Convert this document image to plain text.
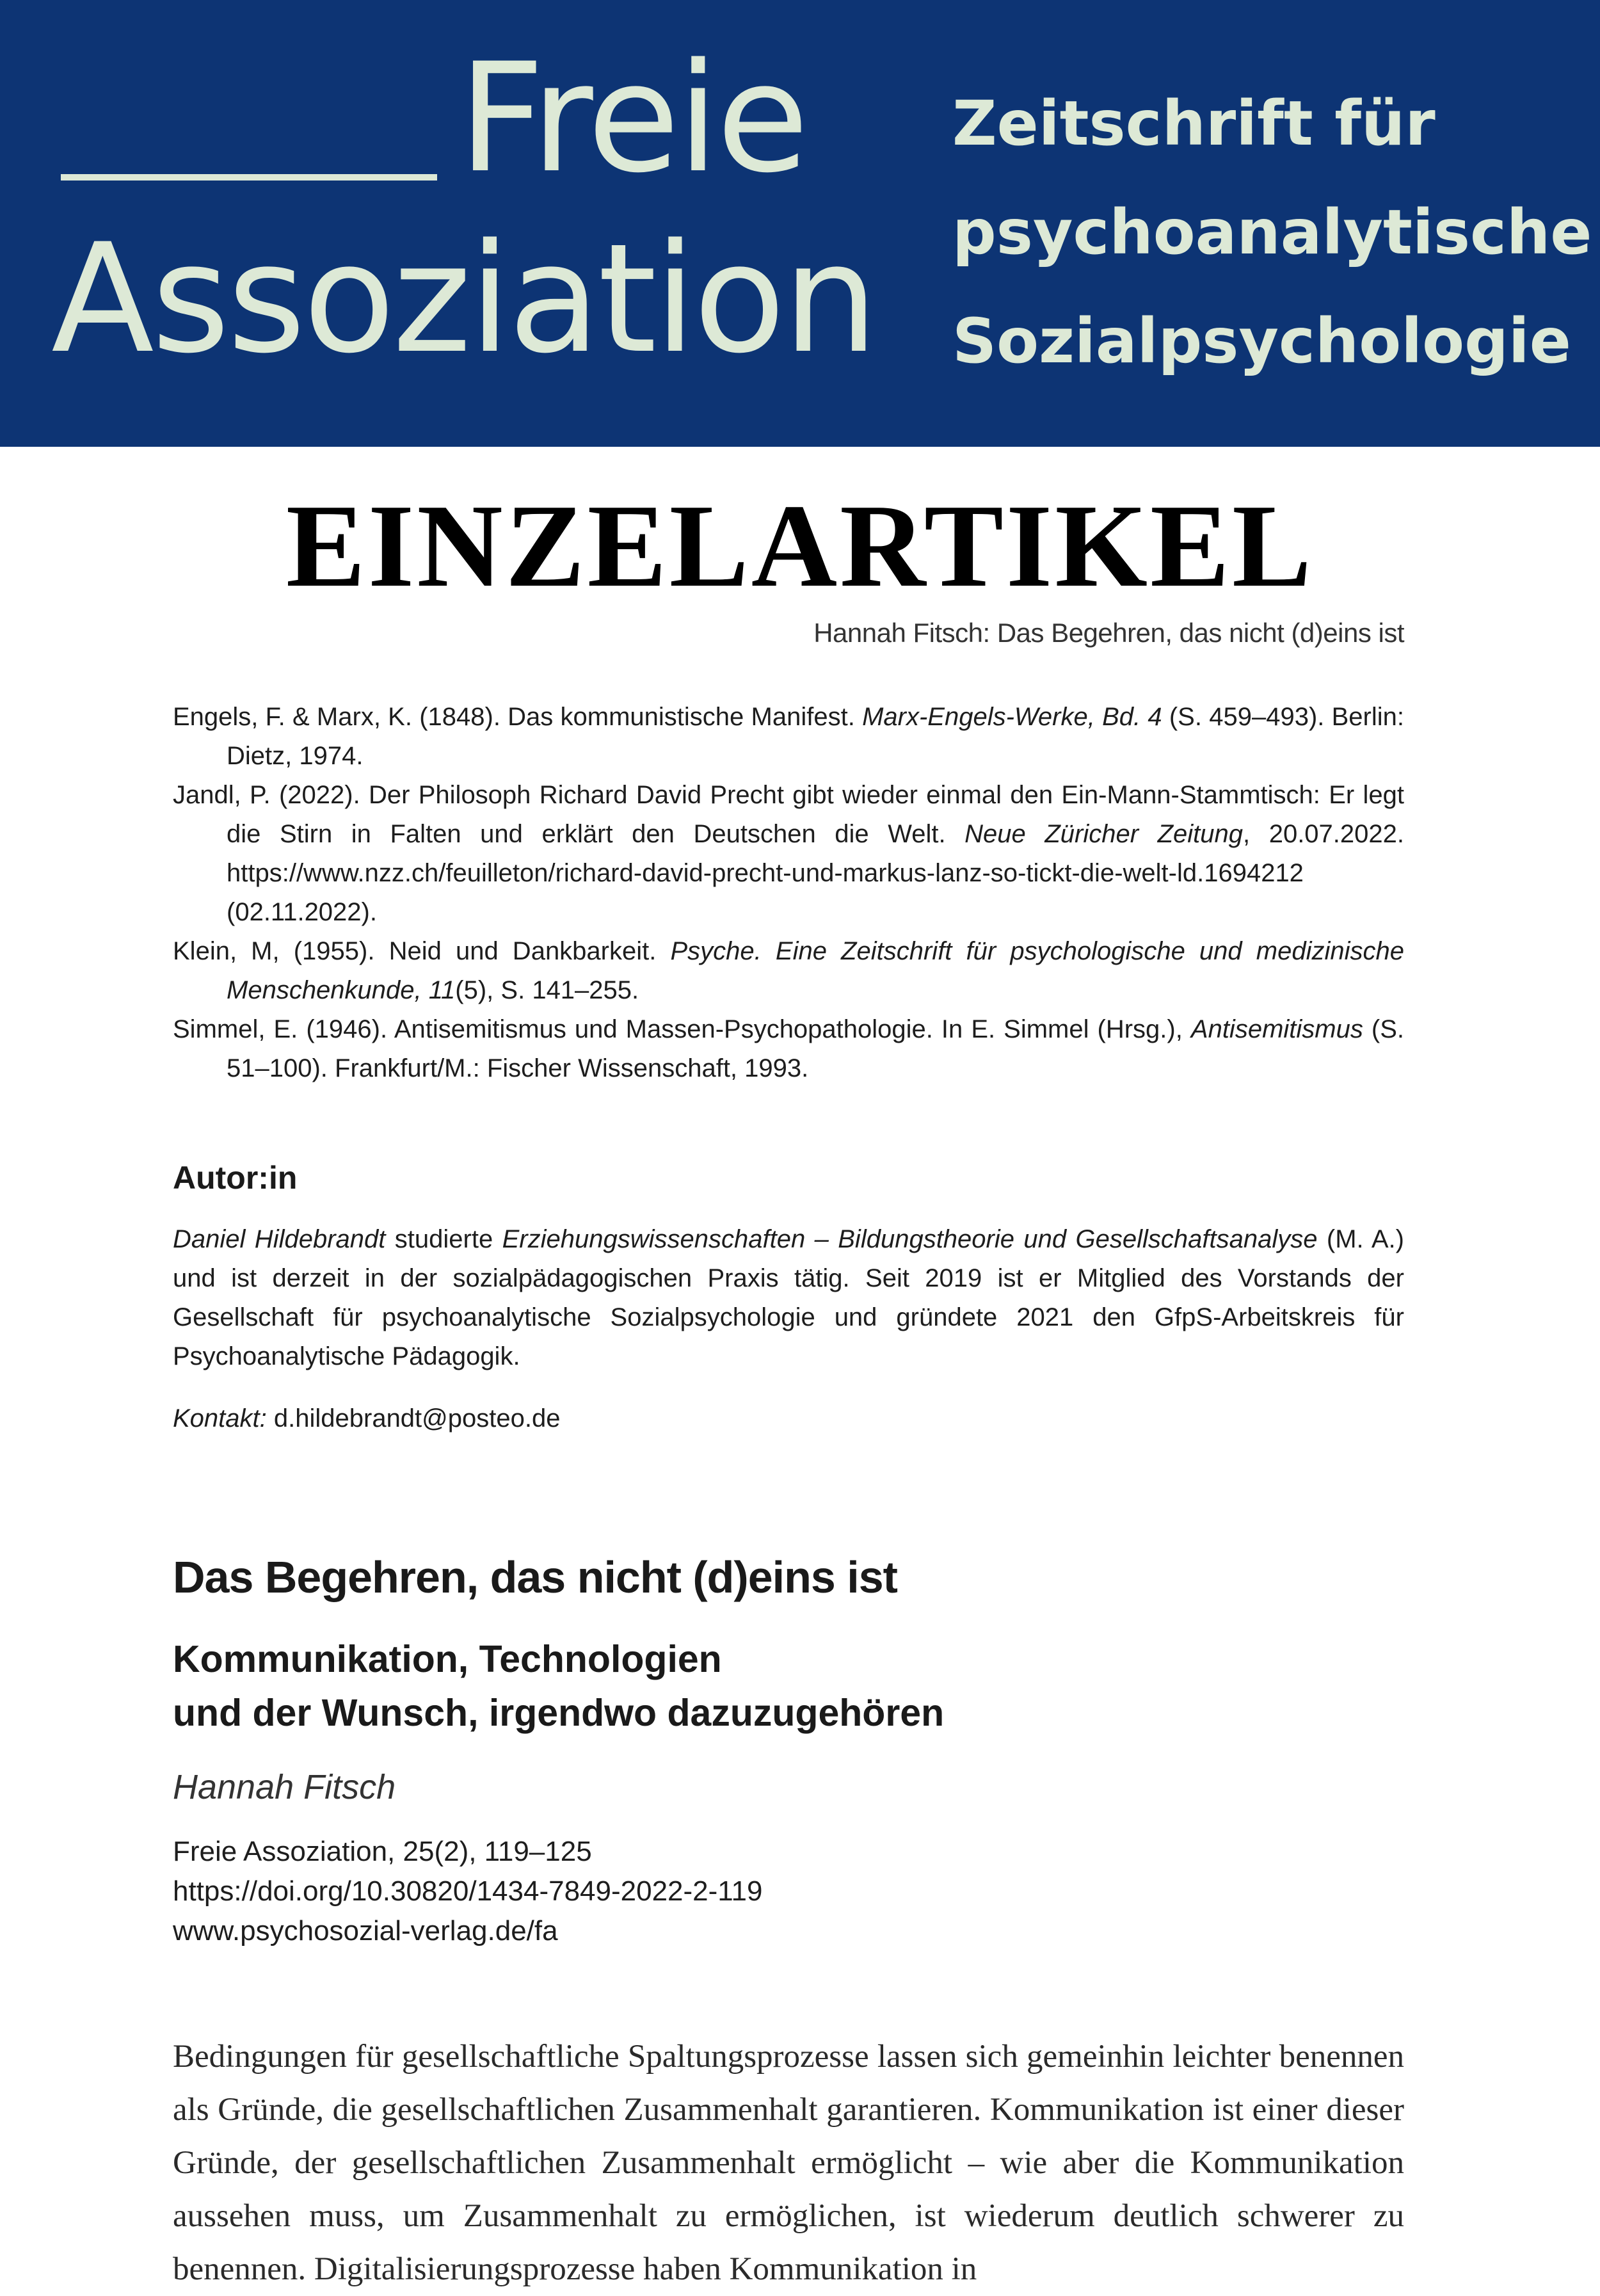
Freie

Assoziation

Zeitschrift für
psychoanalytische
Sozialpsychologie

EINZELARTIKEL

Hannah Fitsch: Das Begehren, das nicht (d)eins ist

Engels, F. & Marx, K. (1848). Das kommunistische Manifest. Marx-Engels-Werke, Bd. 4 (S. 459–493). Berlin: Dietz, 1974.
Jandl, P. (2022). Der Philosoph Richard David Precht gibt wieder einmal den Ein-Mann-Stammtisch: Er legt die Stirn in Falten und erklärt den Deutschen die Welt. Neue Züricher Zeitung, 20.07.2022. https://www.nzz.ch/feuilleton/richard-david-precht-und-markus-lanz-so-tickt-die-welt-ld.1694212 (02.11.2022).
Klein, M, (1955). Neid und Dankbarkeit. Psyche. Eine Zeitschrift für psychologische und medizinische Menschenkunde, 11(5), S. 141–255.
Simmel, E. (1946). Antisemitismus und Massen-Psychopathologie. In E. Simmel (Hrsg.), Antisemitismus (S. 51–100). Frankfurt/M.: Fischer Wissenschaft, 1993.
Autor:in

Daniel Hildebrandt studierte Erziehungswissenschaften – Bildungstheorie und Gesellschaftsanalyse (M. A.) und ist derzeit in der sozialpädagogischen Praxis tätig. Seit 2019 ist er Mitglied des Vorstands der Gesellschaft für psychoanalytische Sozialpsychologie und gründete 2021 den GfpS-Arbeitskreis für Psychoanalytische Pädagogik.

Kontakt: d.hildebrandt@posteo.de

Das Begehren, das nicht (d)eins ist
Kommunikation, Technologien
und der Wunsch, irgendwo dazuzugehören

Hannah Fitsch

Freie Assoziation, 25(2), 119–125
https://doi.org/10.30820/1434-7849-2022-2-119
www.psychosozial-verlag.de/fa

Bedingungen für gesellschaftliche Spaltungsprozesse lassen sich gemeinhin leichter benennen als Gründe, die gesellschaftlichen Zusammenhalt garantieren. Kommunikation ist einer dieser Gründe, der gesellschaftlichen Zusammenhalt ermöglicht – wie aber die Kommunikation aussehen muss, um Zusammenhalt zu ermöglichen, ist wiederum deutlich schwerer zu benennen. Digitalisierungsprozesse haben Kommunikation in
